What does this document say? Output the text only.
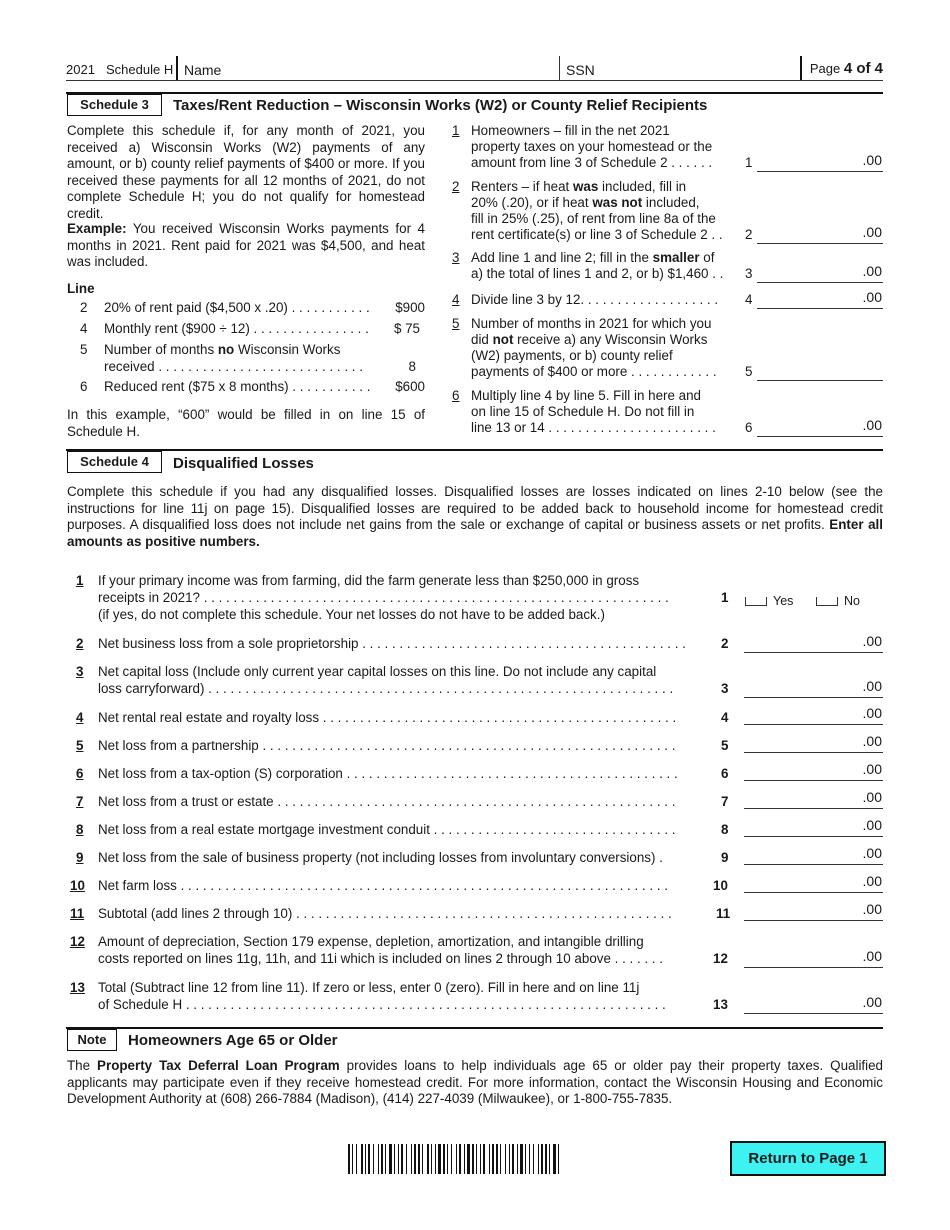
2021 Schedule H Name	SSN	Page 4 of 4
Schedule 3	Taxes/Rent Reduction – Wisconsin Works (W2) or County Relief Recipients
Complete this schedule if, for any month of 2021, you received a) Wisconsin Works (W2) payments of any amount, or b) county relief payments of $400 or more. If you received these payments for all 12 months of 2021, do not complete Schedule H; you do not qualify for homestead credit.
Example: You received Wisconsin Works payments for 4 months in 2021. Rent paid for 2021 was $4,500, and heat was included.
Line
2 20% of rent paid ($4,500 x .20) . . . . . . . . . . .	$900
4 Monthly rent ($900 ÷ 12) . . . . . . . . . . . . . . . .	$ 75
5 Number of months no Wisconsin Works
received . . . . . . . . . . . . . . . . . . . . . . . . . . . .	8
6 Reduced rent ($75 x 8 months) . . . . . . . . . . .	$600
In this example, “600” would be filled in on line 15 of Schedule H.
1 Homeowners – fill in the net 2021
property taxes on your homestead or the
amount from line 3 of Schedule 2 . . . . . . 1	.00
2 Renters – if heat was included, fill in
20% (.20), or if heat was not included,
fill in 25% (.25), of rent from line 8a of the
rent certificate(s) or line 3 of Schedule 2 . . 2	.00
3 Add line 1 and line 2; fill in the smaller of
a) the total of lines 1 and 2, or b) $1,460 . . 3	.00
4 Divide line 3 by 12. . . . . . . . . . . . . . . . . . . 4	.00
5 Number of months in 2021 for which you
did not receive a) any Wisconsin Works
(W2) payments, or b) county relief
payments of $400 or more . . . . . . . . . . . . 5
6 Multiply line 4 by line 5. Fill in here and
on line 15 of Schedule H. Do not fill in
line 13 or 14 . . . . . . . . . . . . . . . . . . . . . . . 6	.00
Schedule 4	Disqualified Losses
Complete this schedule if you had any disqualified losses. Disqualified losses are losses indicated on lines 2-10 below (see the instructions for line 11j on page 15). Disqualified losses are required to be added back to household income for homestead credit purposes. A disqualified loss does not include net gains from the sale or exchange of capital or business assets or net profits. Enter all amounts as positive numbers.
1 If your primary income was from farming, did the farm generate less than $250,000 in gross
receipts in 2021? . . . . . . . . . . . . . . . . . . . . . . . . . . . . . . . . . . . . . . . . . . . . . . . . . . . . . . . . . . . . . . .
(if yes, do not complete this schedule. Your net losses do not have to be added back.)
1	Yes	No
2 Net business loss from a sole proprietorship . . . . . . . . . . . . . . . . . . . . . . . . . . . . . . . . . . . . . . . . . . . .	2	.00
3 Net capital loss (Include only current year capital losses on this line. Do not include any capital
loss carryforward) . . . . . . . . . . . . . . . . . . . . . . . . . . . . . . . . . . . . . . . . . . . . . . . . . . . . . . . . . . . . . . .	3	.00
4 Net rental real estate and royalty loss . . . . . . . . . . . . . . . . . . . . . . . . . . . . . . . . . . . . . . . . . . . . . . . .	4	.00
5 Net loss from a partnership . . . . . . . . . . . . . . . . . . . . . . . . . . . . . . . . . . . . . . . . . . . . . . . . . . . . . . . .	5	.00
6 Net loss from a tax-option (S) corporation . . . . . . . . . . . . . . . . . . . . . . . . . . . . . . . . . . . . . . . . . . . . .	6	.00
7 Net loss from a trust or estate . . . . . . . . . . . . . . . . . . . . . . . . . . . . . . . . . . . . . . . . . . . . . . . . . . . . . .	7	.00
8 Net loss from a real estate mortgage investment conduit . . . . . . . . . . . . . . . . . . . . . . . . . . . . . . . . .	8	.00
9 Net loss from the sale of business property (not including losses from involuntary conversions) .	9	.00
10 Net farm loss . . . . . . . . . . . . . . . . . . . . . . . . . . . . . . . . . . . . . . . . . . . . . . . . . . . . . . . . . . . . . . . . . .	10	.00
11 Subtotal (add lines 2 through 10) . . . . . . . . . . . . . . . . . . . . . . . . . . . . . . . . . . . . . . . . . . . . . . . . . . .	11	.00
12 Amount of depreciation, Section 179 expense, depletion, amortization, and intangible drilling
costs reported on lines 11g, 11h, and 11i which is included on lines 2 through 10 above . . . . . . .	12	.00
13 Total (Subtract line 12 from line 11). If zero or less, enter 0 (zero). Fill in here and on line 11j
of Schedule H . . . . . . . . . . . . . . . . . . . . . . . . . . . . . . . . . . . . . . . . . . . . . . . . . . . . . . . . . . . . . . . . .	13	.00
Note	Homeowners Age 65 or Older
The Property Tax Deferral Loan Program provides loans to help individuals age 65 or older pay their property taxes. Qualified applicants may participate even if they receive homestead credit. For more information, contact the Wisconsin Housing and Economic Development Authority at (608) 266-7884 (Madison), (414) 227-4039 (Milwaukee), or 1-800-755-7835.
Return to Page 1
